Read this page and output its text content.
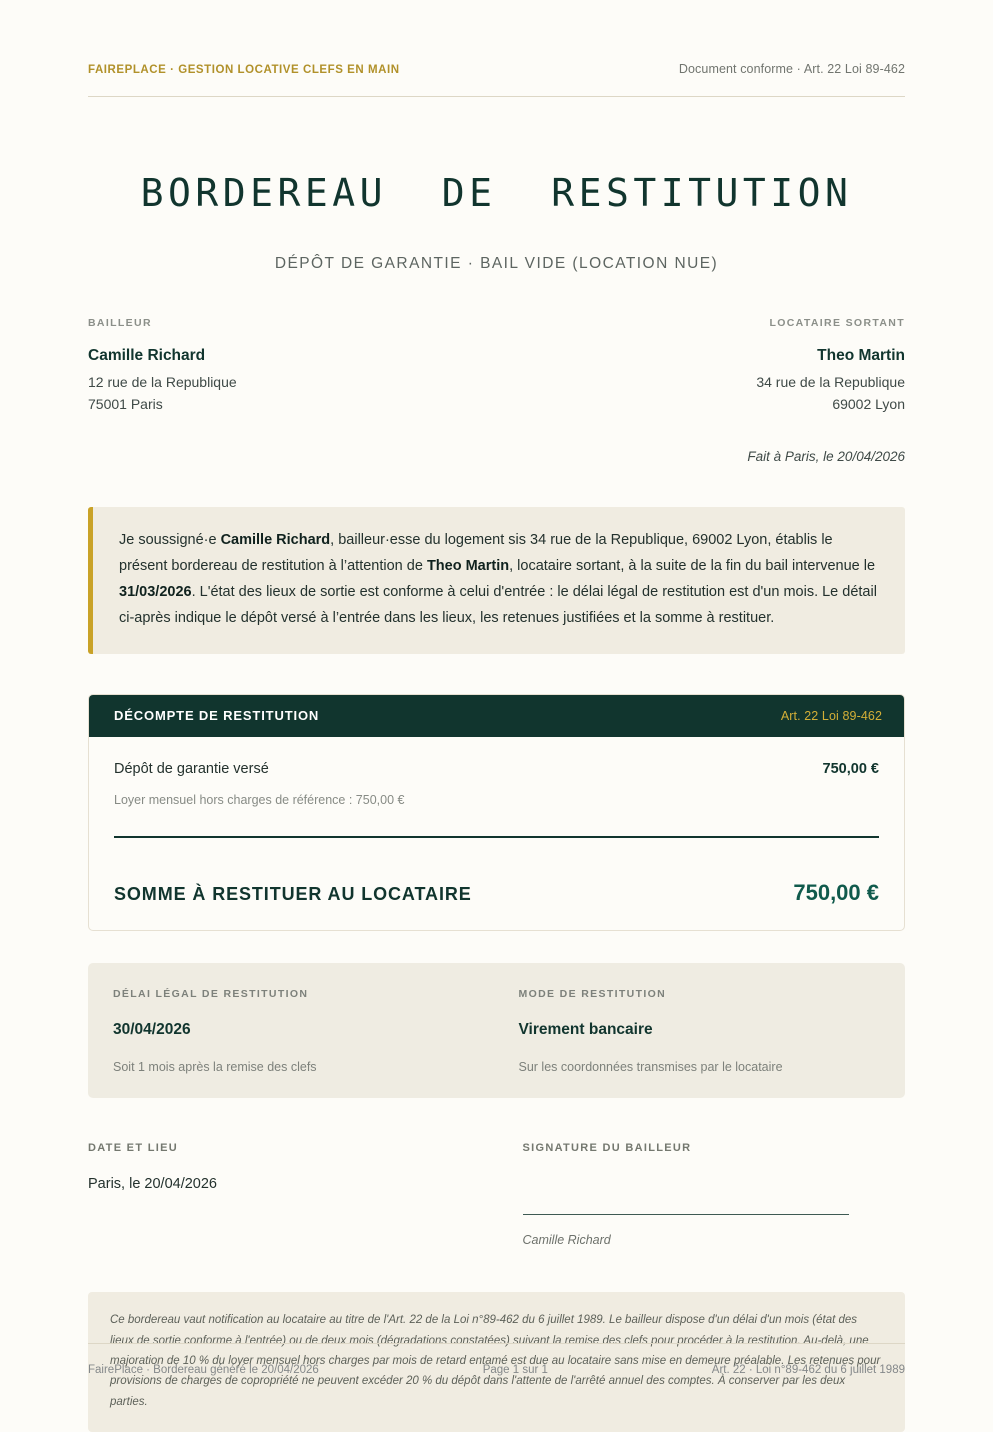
FAIREPLACE · GESTION LOCATIVE CLEFS EN MAIN	Document conforme · Art. 22 Loi 89-462
BORDEREAU  DE  RESTITUTION
DÉPÔT DE GARANTIE · BAIL VIDE (LOCATION NUE)
BAILLEUR
Camille Richard
12 rue de la Republique
75001 Paris
LOCATAIRE SORTANT
Theo Martin
34 rue de la Republique
69002 Lyon
Fait à Paris, le 20/04/2026

Je soussigné·e Camille Richard, bailleur·esse du logement sis 34 rue de la Republique, 69002 Lyon, établis le présent bordereau de restitution à l’attention de Theo Martin, locataire sortant, à la suite de la fin du bail intervenue le 31/03/2026. L'état des lieux de sortie est conforme à celui d'entrée : le délai légal de restitution est d'un mois. Le détail ci-après indique le dépôt versé à l’entrée dans les lieux, les retenues justifiées et la somme à restituer.

DÉCOMPTE DE RESTITUTION	Art. 22 Loi 89-462
Dépôt de garantie versé	750,00 €
Loyer mensuel hors charges de référence : 750,00 €
SOMME À RESTITUER AU LOCATAIRE	750,00 €
DÉLAI LÉGAL DE RESTITUTION
30/04/2026
Soit 1 mois après la remise des clefs
MODE DE RESTITUTION
Virement bancaire
Sur les coordonnées transmises par le locataire
DATE ET LIEU
Paris, le 20/04/2026
SIGNATURE DU BAILLEUR
Camille Richard

Ce bordereau vaut notification au locataire au titre de l'Art. 22 de la Loi n°89-462 du 6 juillet 1989. Le bailleur dispose d'un délai d'un mois (état des lieux de sortie conforme à l'entrée) ou de deux mois (dégradations constatées) suivant la remise des clefs pour procéder à la restitution. Au-delà, une majoration de 10 % du loyer mensuel hors charges par mois de retard entamé est due au locataire sans mise en demeure préalable. Les retenues pour provisions de charges de copropriété ne peuvent excéder 20 % du dépôt dans l'attente de l'arrêté annuel des comptes. À conserver par les deux parties.

FairePlace · Bordereau généré le 20/04/2026	Page 1 sur 1	Art. 22 · Loi n°89-462 du 6 juillet 1989
